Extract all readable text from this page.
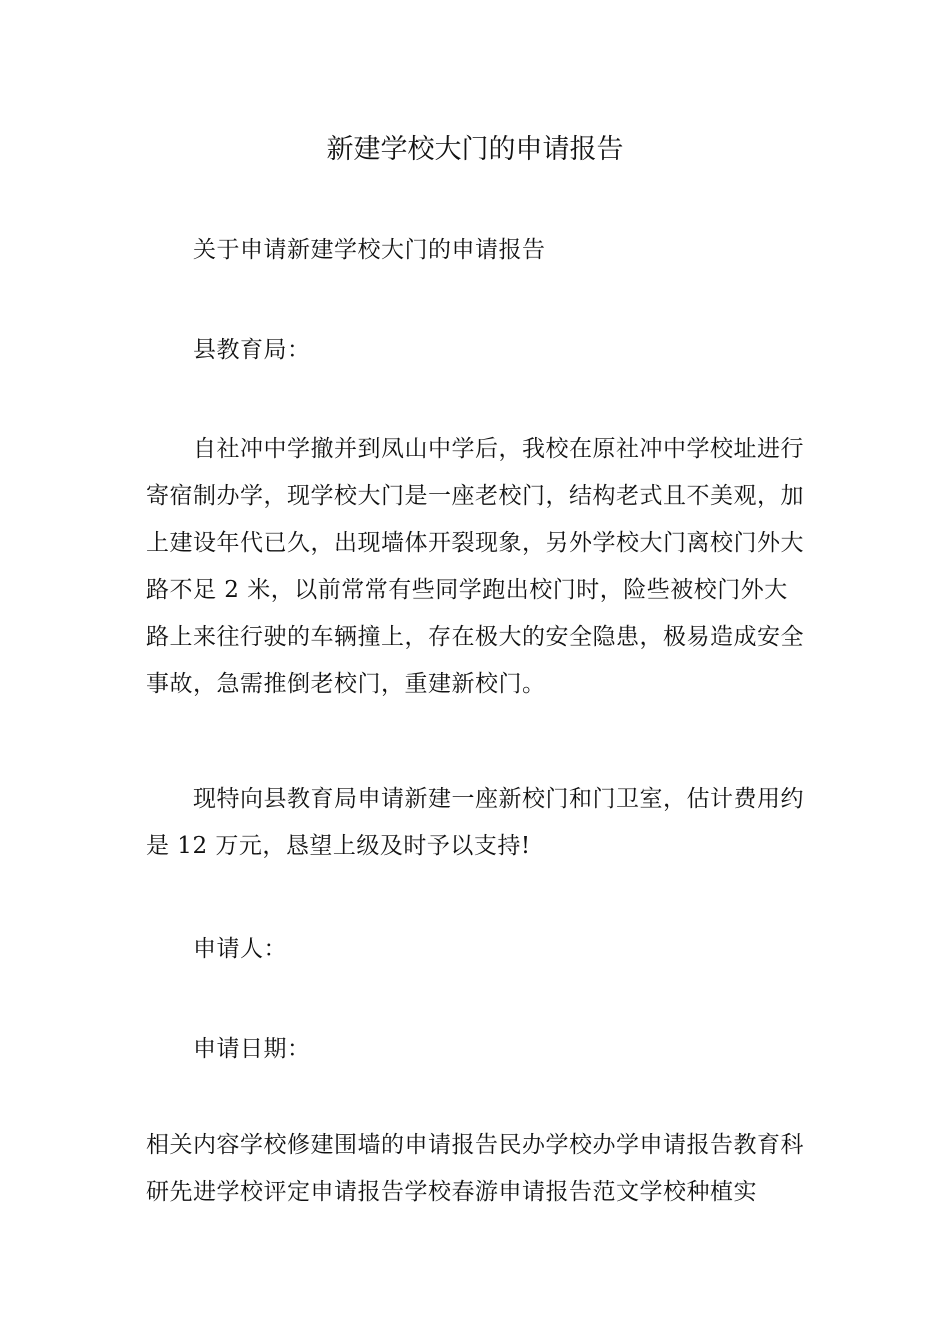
新建学校大门的申请报告

关于申请新建学校大门的申请报告

县教育局：

自社冲中学撤并到凤山中学后，我校在原社冲中学校址进行寄宿制办学，现学校大门是一座老校门，结构老式且不美观，加上建设年代已久，出现墙体开裂现象，另外学校大门离校门外大路不足 2 米，以前常常有些同学跑出校门时，险些被校门外大路上来往行驶的车辆撞上，存在极大的安全隐患，极易造成安全事故，急需推倒老校门，重建新校门。

现特向县教育局申请新建一座新校门和门卫室，估计费用约是 12 万元，恳望上级及时予以支持!

申请人：

申请日期：

相关内容学校修建围墙的申请报告民办学校办学申请报告教育科研先进学校评定申请报告学校春游申请报告范文学校种植实
